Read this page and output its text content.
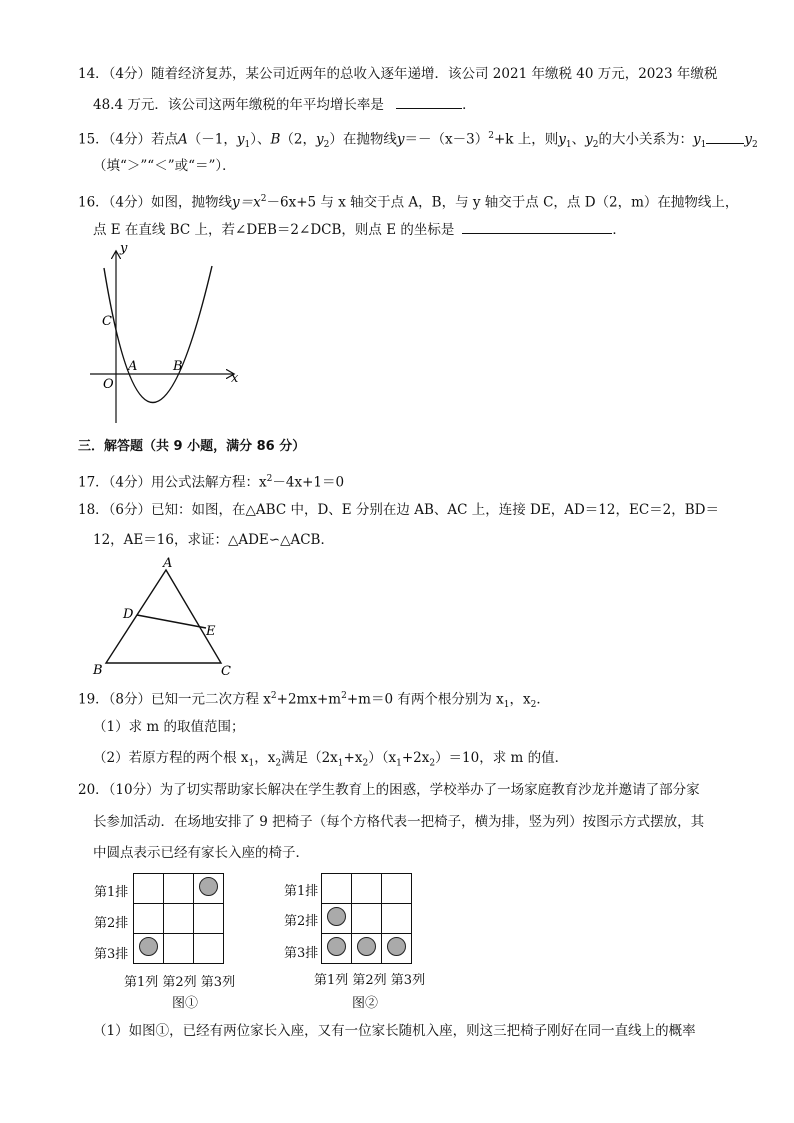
14．（4分）随着经济复苏，某公司近两年的总收入逐年递增．该公司 2021 年缴税 40 万元，2023 年缴税
48.4 万元．该公司这两年缴税的年平均增长率是	．
15．（4分）若点A（－1，$y_1$）、B（2，$y_2$）在抛物线$y=-(x-3)^2+k$ 上，则$y_1$、$y_2$的大小关系为：$y_1$	$y_2$
（填“＞”“＜”或“＝”）．
16．（4分）如图，抛物线$y=x^2-6x+5$ 与 x 轴交于点 A，B，与 y 轴交于点 C，点 D（2，m）在抛物线上，
点 E 在直线 BC 上，若∠DEB＝2∠DCB，则点 E 的坐标是	．
y
x
C
A	B
O
三．解答题（共 9 小题，满分 86 分）
17．（4分）用公式法解方程：$x^2-4x+1=0$
18．（6分）已知：如图，在△ABC 中，D、E 分别在边 AB、AC 上，连接 DE，AD＝12，EC＝2，BD＝
12，AE＝16，求证：△ADE∽△ACB．
A
D
E
B	C
19．（8分）已知一元二次方程 $x^2+2mx+m^2+m=0$ 有两个根分别为 $x_1$，$x_2$．
（1）求 m 的取值范围；
（2）若原方程的两个根 $x_1$，$x_2$满足$(2x_1+x_2)(x_1+2x_2)=10$，求 m 的值．
20．（10分）为了切实帮助家长解决在学生教育上的困惑，学校举办了一场家庭教育沙龙并邀请了部分家
长参加活动．在场地安排了 9 把椅子（每个方格代表一把椅子，横为排，竖为列）按图示方式摆放，其
中圆点表示已经有家长入座的椅子．
第1排
第2排
第3排

第1列 第2列 第3列
图①
第1排
第2排
第3排

第1列 第2列 第3列
图②
（1）如图①，已经有两位家长入座，又有一位家长随机入座，则这三把椅子刚好在同一直线上的概率
